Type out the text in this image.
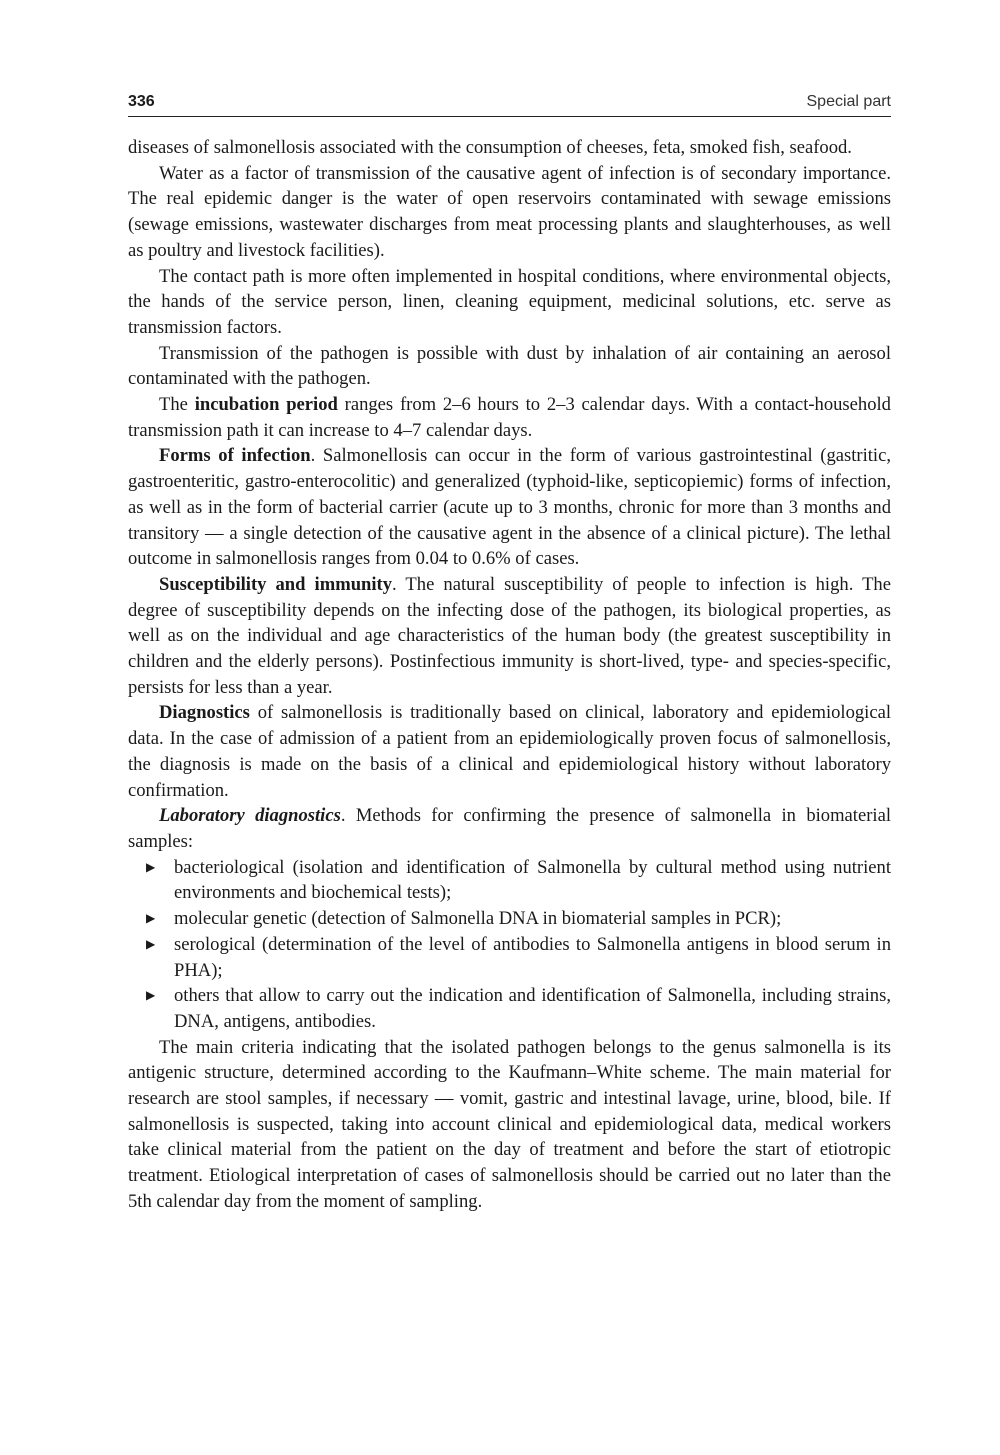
336	Special part

diseases of salmonellosis associated with the consumption of cheeses, feta, smoked fish, seafood.

Water as a factor of transmission of the causative agent of infection is of secondary importance. The real epidemic danger is the water of open reservoirs contaminated with sewage emissions (sewage emissions, wastewater discharges from meat processing plants and slaughterhouses, as well as poultry and livestock facilities).

The contact path is more often implemented in hospital conditions, where environmental objects, the hands of the service person, linen, cleaning equipment, medicinal solutions, etc. serve as transmission factors.

Transmission of the pathogen is possible with dust by inhalation of air containing an aerosol contaminated with the pathogen.

The incubation period ranges from 2–6 hours to 2–3 calendar days. With a contact-household transmission path it can increase to 4–7 calendar days.

Forms of infection. Salmonellosis can occur in the form of various gastrointestinal (gastritic, gastroenteritic, gastro-enterocolitic) and generalized (typhoid-like, septicopiemic) forms of infection, as well as in the form of bacterial carrier (acute up to 3 months, chronic for more than 3 months and transitory — a single detection of the causative agent in the absence of a clinical picture). The lethal outcome in salmonellosis ranges from 0.04 to 0.6% of cases.

Susceptibility and immunity. The natural susceptibility of people to infection is high. The degree of susceptibility depends on the infecting dose of the pathogen, its biological properties, as well as on the individual and age characteristics of the human body (the greatest susceptibility in children and the elderly persons). Postinfectious immunity is short-lived, type- and species-specific, persists for less than a year.

Diagnostics of salmonellosis is traditionally based on clinical, laboratory and epidemiological data. In the case of admission of a patient from an epidemiologically proven focus of salmonellosis, the diagnosis is made on the basis of a clinical and epidemiological history without laboratory confirmation.

Laboratory diagnostics. Methods for confirming the presence of salmonella in biomaterial samples:

▶ bacteriological (isolation and identification of Salmonella by cultural method using nutrient environments and biochemical tests);
▶ molecular genetic (detection of Salmonella DNA in biomaterial samples in PCR);
▶ serological (determination of the level of antibodies to Salmonella antigens in blood serum in PHA);
▶ others that allow to carry out the indication and identification of Salmonella, including strains, DNA, antigens, antibodies.

The main criteria indicating that the isolated pathogen belongs to the genus salmonella is its antigenic structure, determined according to the Kaufmann–White scheme. The main material for research are stool samples, if necessary — vomit, gastric and intestinal lavage, urine, blood, bile. If salmonellosis is suspected, taking into account clinical and epidemiological data, medical workers take clinical material from the patient on the day of treatment and before the start of etiotropic treatment. Etiological interpretation of cases of salmonellosis should be carried out no later than the 5th calendar day from the moment of sampling.
